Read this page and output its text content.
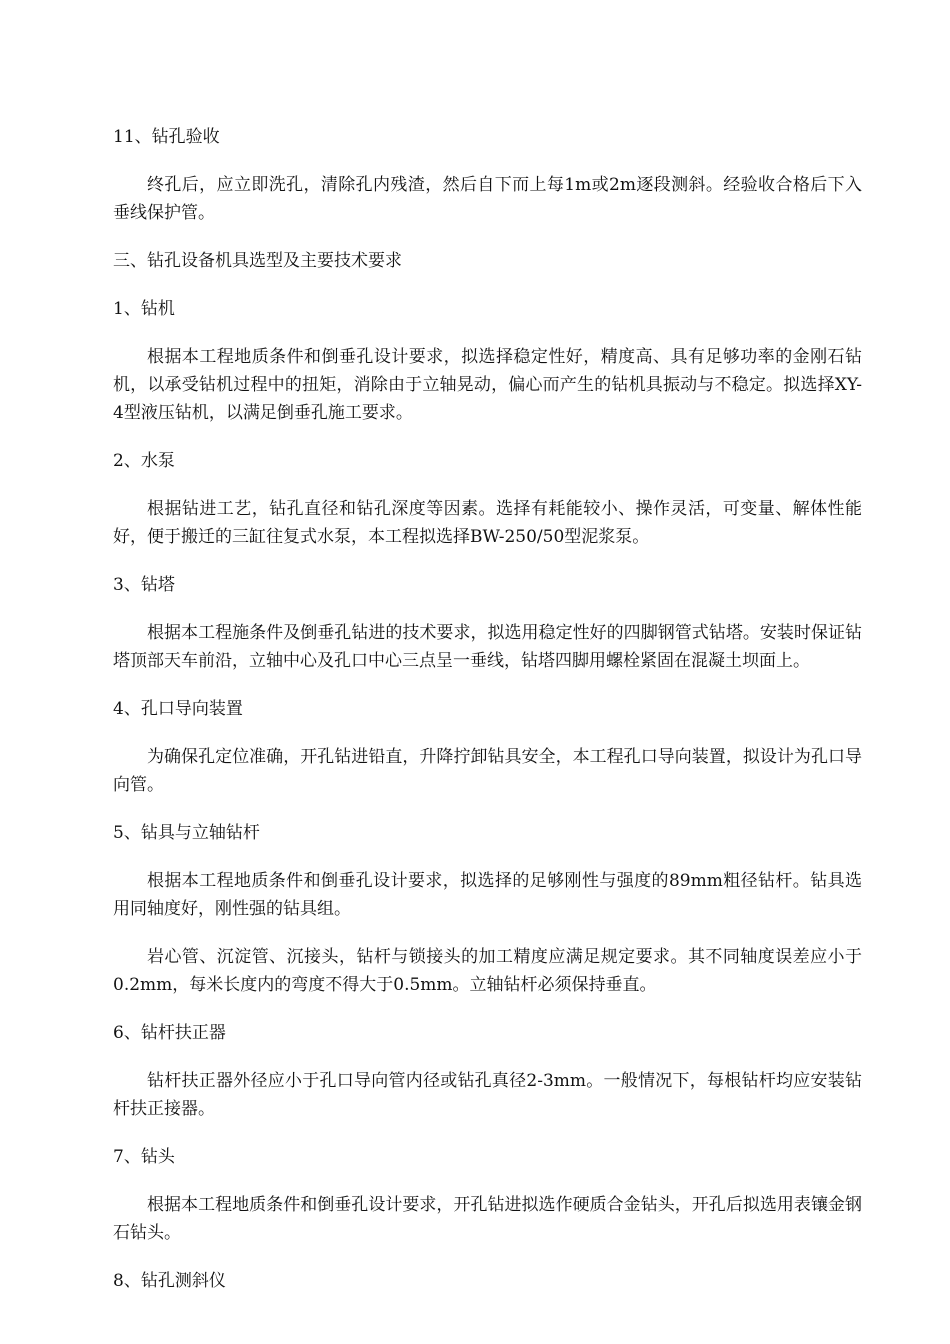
11、钻孔验收

终孔后，应立即洗孔，清除孔内残渣，然后自下而上每1m或2m逐段测斜。经验收合格后下入垂线保护管。

三、钻孔设备机具选型及主要技术要求

1、钻机

根据本工程地质条件和倒垂孔设计要求，拟选择稳定性好，精度高、具有足够功率的金刚石钻机，以承受钻机过程中的扭矩，消除由于立轴晃动，偏心而产生的钻机具振动与不稳定。拟选择XY-4型液压钻机，以满足倒垂孔施工要求。

2、水泵

根据钻进工艺，钻孔直径和钻孔深度等因素。选择有耗能较小、操作灵活，可变量、解体性能好，便于搬迁的三缸往复式水泵，本工程拟选择BW-250/50型泥浆泵。

3、钻塔

根据本工程施条件及倒垂孔钻进的技术要求，拟选用稳定性好的四脚钢管式钻塔。安装时保证钻塔顶部天车前沿，立轴中心及孔口中心三点呈一垂线，钻塔四脚用螺栓紧固在混凝土坝面上。

4、孔口导向装置

为确保孔定位准确，开孔钻进铅直，升降拧卸钻具安全，本工程孔口导向装置，拟设计为孔口导向管。

5、钻具与立轴钻杆

根据本工程地质条件和倒垂孔设计要求，拟选择的足够刚性与强度的89mm粗径钻杆。钻具选用同轴度好，刚性强的钻具组。

岩心管、沉淀管、沉接头，钻杆与锁接头的加工精度应满足规定要求。其不同轴度误差应小于0.2mm，每米长度内的弯度不得大于0.5mm。立轴钻杆必须保持垂直。

6、钻杆扶正器

钻杆扶正器外径应小于孔口导向管内径或钻孔真径2-3mm。一般情况下，每根钻杆均应安装钻杆扶正接器。

7、钻头

根据本工程地质条件和倒垂孔设计要求，开孔钻进拟选作硬质合金钻头，开孔后拟选用表镶金钢石钻头。

8、钻孔测斜仪
